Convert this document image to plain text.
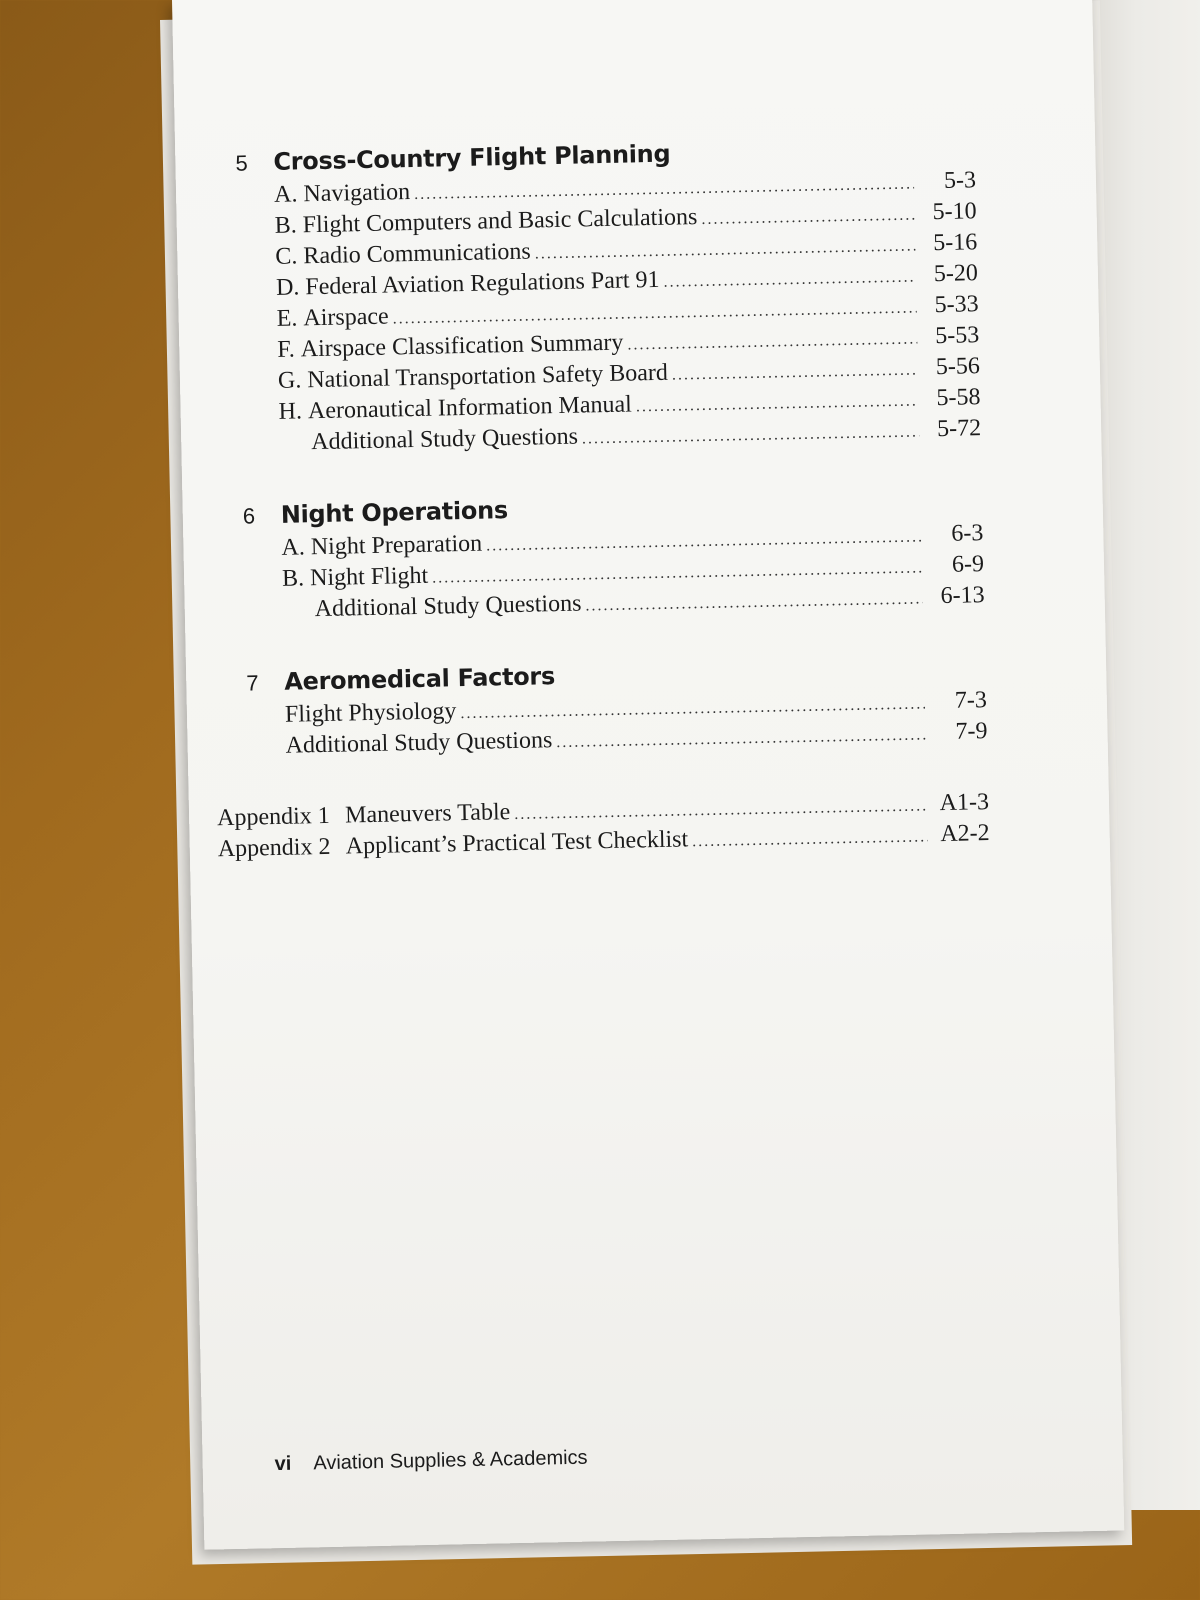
5	Cross-Country Flight Planning
A. Navigation .....	5-3
B. Flight Computers and Basic Calculations .....	5-10
C. Radio Communications .....	5-16
D. Federal Aviation Regulations Part 91 .....	5-20
E. Airspace .....	5-33
F. Airspace Classification Summary .....	5-53
G. National Transportation Safety Board .....	5-56
H. Aeronautical Information Manual .....	5-58
Additional Study Questions .....	5-72
6	Night Operations
A. Night Preparation .....	6-3
B. Night Flight .....	6-9
Additional Study Questions .....	6-13
7	Aeromedical Factors
Flight Physiology .....	7-3
Additional Study Questions .....	7-9
Appendix 1 Maneuvers Table .....	A1-3
Appendix 2 Applicant’s Practical Test Checklist .....	A2-2
vi Aviation Supplies & Academics
